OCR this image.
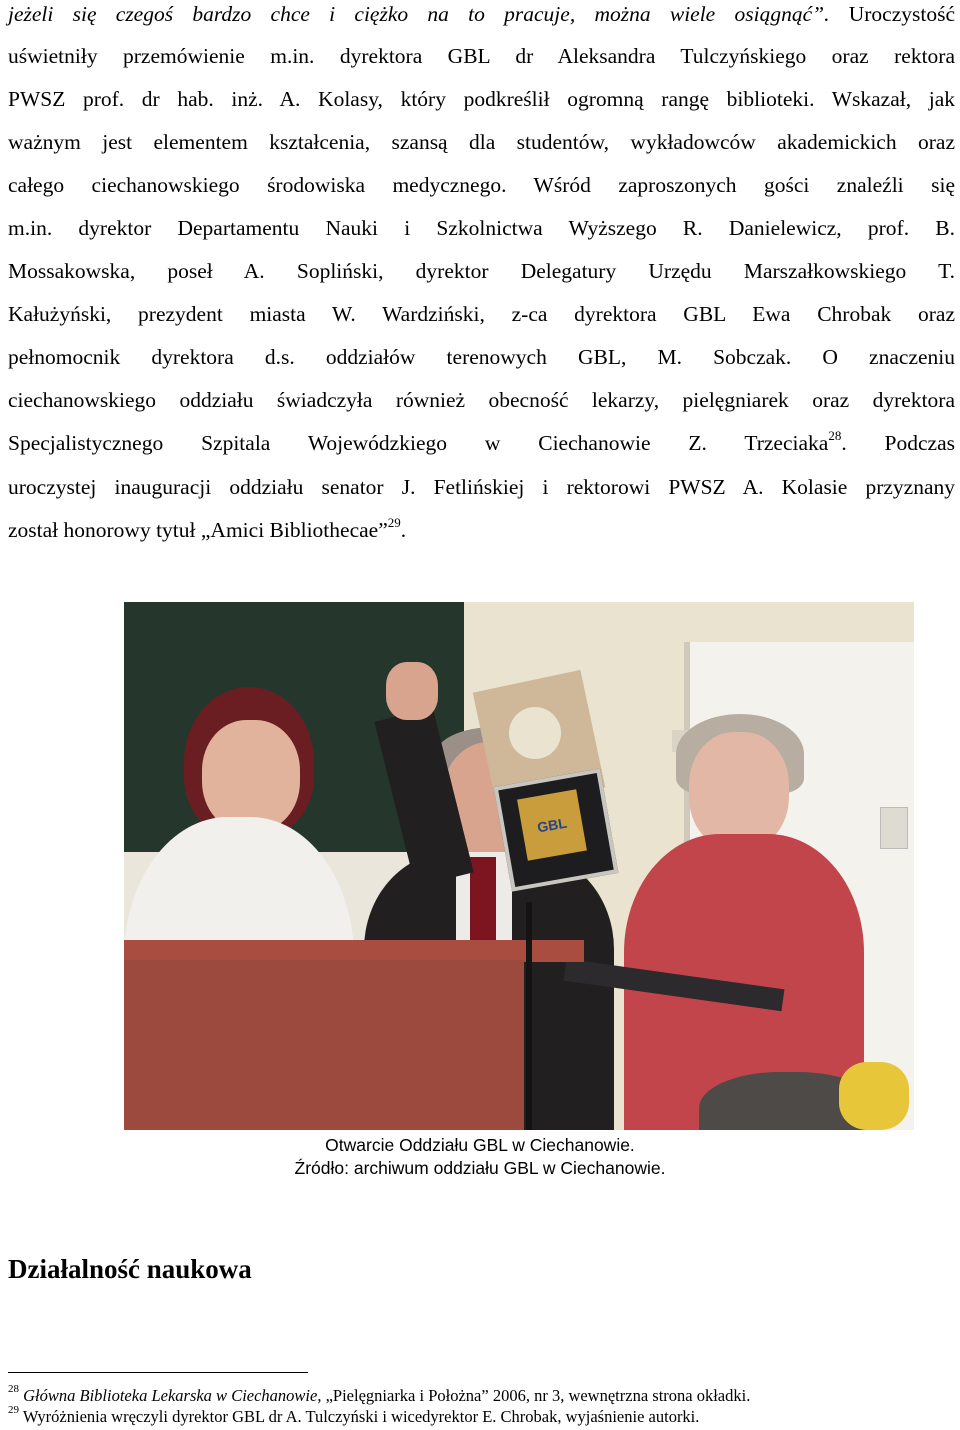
jeżeli się czegoś bardzo chce i ciężko na to pracuje, można wiele osiągnąć”. Uroczystość
uświetniły przemówienie m.in. dyrektora GBL dr Aleksandra Tulczyńskiego oraz rektora
PWSZ prof. dr hab. inż. A. Kolasy, który podkreślił ogromną rangę biblioteki. Wskazał, jak
ważnym jest elementem kształcenia, szansą dla studentów, wykładowców akademickich oraz
całego ciechanowskiego środowiska medycznego. Wśród zaproszonych gości znaleźli się
m.in. dyrektor Departamentu Nauki i Szkolnictwa Wyższego R. Danielewicz, prof. B.
Mossakowska, poseł A. Sopliński, dyrektor Delegatury Urzędu Marszałkowskiego T.
Kałużyński, prezydent miasta W. Wardziński, z-ca dyrektora GBL Ewa Chrobak oraz
pełnomocnik dyrektora d.s. oddziałów terenowych GBL, M. Sobczak. O znaczeniu
ciechanowskiego oddziału świadczyła również obecność lekarzy, pielęgniarek oraz dyrektora
Specjalistycznego Szpitala Wojewódzkiego w Ciechanowie Z. Trzeciaka$^{28}$. Podczas
uroczystej inauguracji oddziału senator J. Fetlińskiej i rektorowi PWSZ A. Kolasie przyznany
został honorowy tytuł „Amici Bibliothecae”$^{29}$.
GBL
Otwarcie Oddziału GBL w Ciechanowie.
Źródło: archiwum oddziału GBL w Ciechanowie.
Działalność naukowa
$^{28}$ Główna Biblioteka Lekarska w Ciechanowie, „Pielęgniarka i Położna” 2006, nr 3, wewnętrzna strona okładki.
$^{29}$ Wyróżnienia wręczyli dyrektor GBL dr A. Tulczyński i wicedyrektor E. Chrobak, wyjaśnienie autorki.
